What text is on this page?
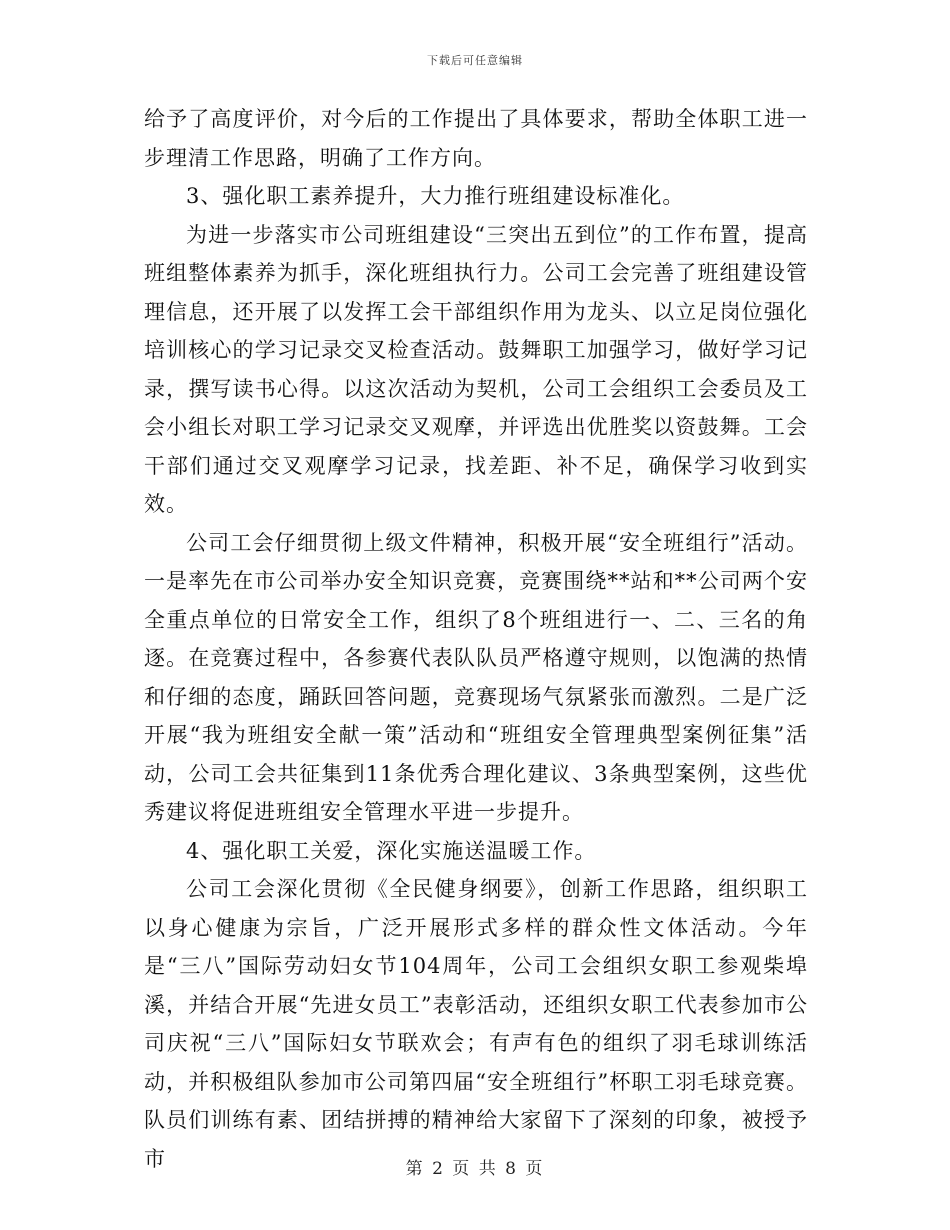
下载后可任意编辑

给予了高度评价，对今后的工作提出了具体要求，帮助全体职工进一步理清工作思路，明确了工作方向。

3、强化职工素养提升，大力推行班组建设标准化。

为进一步落实市公司班组建设“三突出五到位”的工作布置，提高班组整体素养为抓手，深化班组执行力。公司工会完善了班组建设管理信息，还开展了以发挥工会干部组织作用为龙头、以立足岗位强化培训核心的学习记录交叉检查活动。鼓舞职工加强学习，做好学习记录，撰写读书心得。以这次活动为契机，公司工会组织工会委员及工会小组长对职工学习记录交叉观摩，并评选出优胜奖以资鼓舞。工会干部们通过交叉观摩学习记录，找差距、补不足，确保学习收到实效。

公司工会仔细贯彻上级文件精神，积极开展“安全班组行”活动。一是率先在市公司举办安全知识竞赛，竞赛围绕**站和**公司两个安全重点单位的日常安全工作，组织了8个班组进行一、二、三名的角逐。在竞赛过程中，各参赛代表队队员严格遵守规则，以饱满的热情和仔细的态度，踊跃回答问题，竞赛现场气氛紧张而激烈。二是广泛开展“我为班组安全献一策”活动和“班组安全管理典型案例征集”活动，公司工会共征集到11条优秀合理化建议、3条典型案例，这些优秀建议将促进班组安全管理水平进一步提升。

4、强化职工关爱，深化实施送温暖工作。

公司工会深化贯彻《全民健身纲要》，创新工作思路，组织职工以身心健康为宗旨，广泛开展形式多样的群众性文体活动。今年是“三八”国际劳动妇女节104周年，公司工会组织女职工参观柴埠溪，并结合开展“先进女员工”表彰活动，还组织女职工代表参加市公司庆祝“三八”国际妇女节联欢会；有声有色的组织了羽毛球训练活动，并积极组队参加市公司第四届“安全班组行”杯职工羽毛球竞赛。队员们训练有素、团结拼搏的精神给大家留下了深刻的印象，被授予市	第 2 页 共 8 页
